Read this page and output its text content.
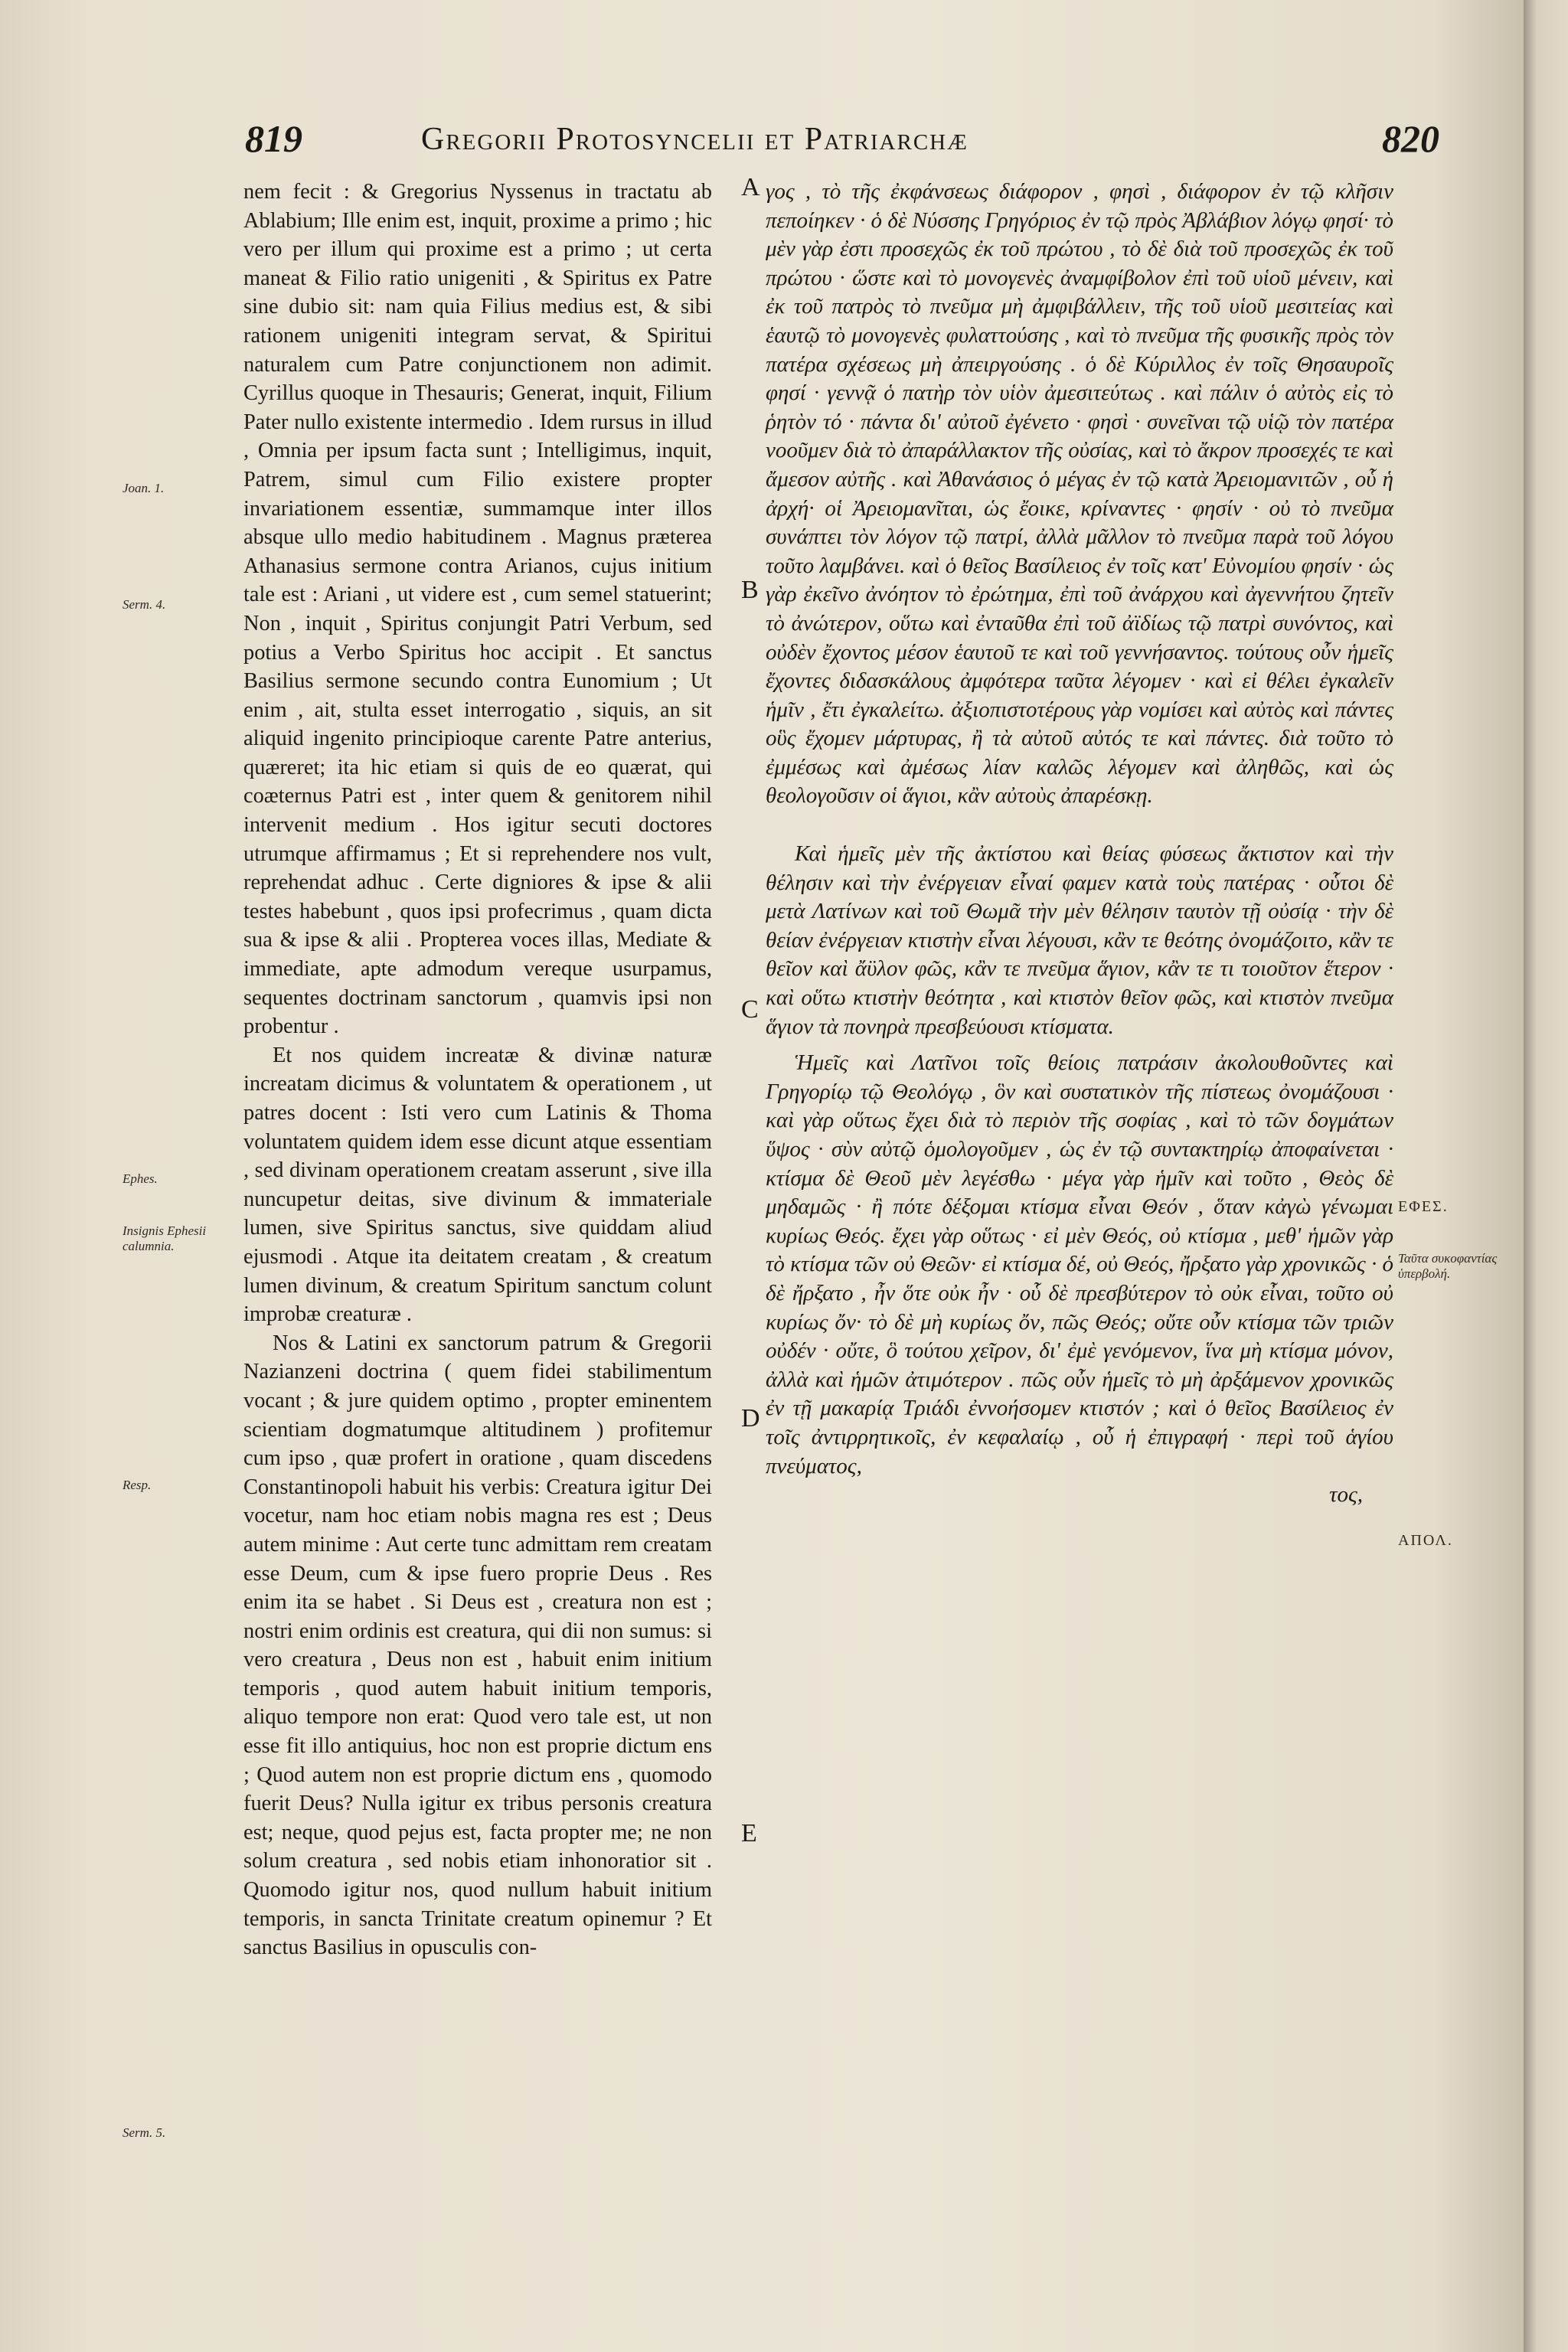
819	Gregorii Protosyncelii et Patriarchæ	820
Joan. 1.
Serm. 4.
Ephes.
Insignis Ephesii calumnia.
Resp.
Serm. 5.

nem fecit : & Gregorius Nyssenus in tractatu ab Ablabium; Ille enim est, inquit, proxime a primo ; hic vero per illum qui proxime est a primo ; ut certa maneat & Filio ratio unigeniti , & Spiritus ex Patre sine dubio sit: nam quia Filius medius est, & sibi rationem unigeniti integram servat, & Spiritui naturalem cum Patre conjunctionem non adimit. Cyrillus quoque in Thesauris; Generat, inquit, Filium Pater nullo existente intermedio . Idem rursus in illud , Omnia per ipsum facta sunt ; Intelligimus, inquit, Patrem, simul cum Filio existere propter invariationem essentiæ, summamque inter illos absque ullo medio habitudinem . Magnus præterea Athanasius sermone contra Arianos, cujus initium tale est : Ariani , ut videre est , cum semel statuerint; Non , inquit , Spiritus conjungit Patri Verbum, sed potius a Verbo Spiritus hoc accipit . Et sanctus Basilius sermone secundo contra Eunomium ; Ut enim , ait, stulta esset interrogatio , siquis, an sit aliquid ingenito principioque carente Patre anterius, quæreret; ita hic etiam si quis de eo quærat, qui coæternus Patri est , inter quem & genitorem nihil intervenit medium . Hos igitur secuti doctores utrumque affirmamus ; Et si reprehendere nos vult, reprehendat adhuc . Certe digniores & ipse & alii testes habebunt , quos ipsi profecrimus , quam dicta sua & ipse & alii . Propterea voces illas, Mediate & immediate, apte admodum vereque usurpamus, sequentes doctrinam sanctorum , quamvis ipsi non probentur .

Et nos quidem increatæ & divinæ naturæ increatam dicimus & voluntatem & operationem , ut patres docent : Isti vero cum Latinis & Thoma voluntatem quidem idem esse dicunt atque essentiam , sed divinam operationem creatam asserunt , sive illa nuncupetur deitas, sive divinum & immateriale lumen, sive Spiritus sanctus, sive quiddam aliud ejusmodi . Atque ita deitatem creatam , & creatum lumen divinum, & creatum Spiritum sanctum colunt improbæ creaturæ .

Nos & Latini ex sanctorum patrum & Gregorii Nazianzeni doctrina ( quem fidei stabilimentum vocant ; & jure quidem optimo , propter eminentem scientiam dogmatumque altitudinem ) profitemur cum ipso , quæ profert in oratione , quam discedens Constantinopoli habuit his verbis: Creatura igitur Dei vocetur, nam hoc etiam nobis magna res est ; Deus autem minime : Aut certe tunc admittam rem creatam esse Deum, cum & ipse fuero proprie Deus . Res enim ita se habet . Si Deus est , creatura non est ; nostri enim ordinis est creatura, qui dii non sumus: si vero creatura , Deus non est , habuit enim initium temporis , quod autem habuit initium temporis, aliquo tempore non erat: Quod vero tale est, ut non esse fit illo antiquius, hoc non est proprie dictum ens ; Quod autem non est proprie dictum ens , quomodo fuerit Deus? Nulla igitur ex tribus personis creatura est; neque, quod pejus est, facta propter me; ne non solum creatura , sed nobis etiam inhonoratior sit . Quomodo igitur nos, quod nullum habuit initium temporis, in sancta Trinitate creatum opinemur ? Et sanctus Basilius in opusculis con-

A
B
C
D
E

γος , τὸ τῆς ἐκφάνσεως διάφορον , φησὶ , διάφορον ἐν τῷ κλῆσιν πεποίηκεν · ὁ δὲ Νύσσης Γρηγόριος ἐν τῷ πρὸς Ἀβλάβιον λόγῳ φησί· τὸ μὲν γὰρ ἐστι προσεχῶς ἐκ τοῦ πρώτου , τὸ δὲ διὰ τοῦ προσεχῶς ἐκ τοῦ πρώτου · ὥστε καὶ τὸ μονογενὲς ἀναμφίβολον ἐπὶ τοῦ υἱοῦ μένειν, καὶ ἐκ τοῦ πατρὸς τὸ πνεῦμα μὴ ἀμφιβάλλειν, τῆς τοῦ υἱοῦ μεσιτείας καὶ ἑαυτῷ τὸ μονογενὲς φυλαττούσης , καὶ τὸ πνεῦμα τῆς φυσικῆς πρὸς τὸν πατέρα σχέσεως μὴ ἀπειργούσης . ὁ δὲ Κύριλλος ἐν τοῖς Θησαυροῖς φησί · γεννᾷ ὁ πατὴρ τὸν υἱὸν ἀμεσιτεύτως . καὶ πάλιν ὁ αὐτὸς εἰς τὸ ῥητὸν τό · πάντα δι' αὐτοῦ ἐγένετο · φησὶ · συνεῖναι τῷ υἱῷ τὸν πατέρα νοοῦμεν διὰ τὸ ἀπαράλλακτον τῆς οὐσίας, καὶ τὸ ἄκρον προσεχές τε καὶ ἄμεσον αὐτῆς . καὶ Ἀθανάσιος ὁ μέγας ἐν τῷ κατὰ Ἀρειομανιτῶν , οὗ ἡ ἀρχή· οἱ Ἀρειομανῖται, ὡς ἔοικε, κρίναντες · φησίν · οὐ τὸ πνεῦμα συνάπτει τὸν λόγον τῷ πατρί, ἀλλὰ μᾶλλον τὸ πνεῦμα παρὰ τοῦ λόγου τοῦτο λαμβάνει. καὶ ὁ θεῖος Βασίλειος ἐν τοῖς κατ' Εὐνομίου φησίν · ὡς γὰρ ἐκεῖνο ἀνόητον τὸ ἐρώτημα, ἐπὶ τοῦ ἀνάρχου καὶ ἀγεννήτου ζητεῖν τὸ ἀνώτερον, οὕτω καὶ ἐνταῦθα ἐπὶ τοῦ ἀϊδίως τῷ πατρὶ συνόντος, καὶ οὐδὲν ἔχοντος μέσον ἑαυτοῦ τε καὶ τοῦ γεννήσαντος. τούτους οὖν ἡμεῖς ἔχοντες διδασκάλους ἀμφότερα ταῦτα λέγομεν · καὶ εἰ θέλει ἐγκαλεῖν ἡμῖν , ἔτι ἐγκαλείτω. ἀξιοπιστοτέρους γὰρ νομίσει καὶ αὐτὸς καὶ πάντες οὓς ἔχομεν μάρτυρας, ἢ τὰ αὐτοῦ αὐτός τε καὶ πάντες. διὰ τοῦτο τὸ ἐμμέσως καὶ ἀμέσως λίαν καλῶς λέγομεν καὶ ἀληθῶς, καὶ ὡς θεολογοῦσιν οἱ ἅγιοι, κἂν αὐτοὺς ἀπαρέσκῃ.

Καὶ ἡμεῖς μὲν τῆς ἀκτίστου καὶ θείας φύσεως ἄκτιστον καὶ τὴν θέλησιν καὶ τὴν ἐνέργειαν εἶναί φαμεν κατὰ τοὺς πατέρας · οὗτοι δὲ μετὰ Λατίνων καὶ τοῦ Θωμᾶ τὴν μὲν θέλησιν ταυτὸν τῇ οὐσίᾳ · τὴν δὲ θείαν ἐνέργειαν κτιστὴν εἶναι λέγουσι, κἂν τε θεότης ὀνομάζοιτο, κἂν τε θεῖον καὶ ἄϋλον φῶς, κἂν τε πνεῦμα ἅγιον, κἂν τε τι τοιοῦτον ἕτερον · καὶ οὕτω κτιστὴν θεότητα , καὶ κτιστὸν θεῖον φῶς, καὶ κτιστὸν πνεῦμα ἅγιον τὰ πονηρὰ πρεσβεύουσι κτίσματα.

Ἡμεῖς καὶ Λατῖνοι τοῖς θείοις πατράσιν ἀκολουθοῦντες καὶ Γρηγορίῳ τῷ Θεολόγῳ , ὃν καὶ συστατικὸν τῆς πίστεως ὀνομάζουσι · καὶ γὰρ οὕτως ἔχει διὰ τὸ περιὸν τῆς σοφίας , καὶ τὸ τῶν δογμάτων ὕψος · σὺν αὐτῷ ὁμολογοῦμεν , ὡς ἐν τῷ συντακτηρίῳ ἀποφαίνεται · κτίσμα δὲ Θεοῦ μὲν λεγέσθω · μέγα γὰρ ἡμῖν καὶ τοῦτο , Θεὸς δὲ μηδαμῶς · ἢ πότε δέξομαι κτίσμα εἶναι Θεόν , ὅταν κἀγὼ γένωμαι κυρίως Θεός. ἔχει γὰρ οὕτως · εἰ μὲν Θεός, οὐ κτίσμα , μεθ' ἡμῶν γὰρ τὸ κτίσμα τῶν οὐ Θεῶν· εἰ κτίσμα δέ, οὐ Θεός, ἤρξατο γὰρ χρονικῶς · ὁ δὲ ἤρξατο , ἦν ὅτε οὐκ ἦν · οὗ δὲ πρεσβύτερον τὸ οὐκ εἶναι, τοῦτο οὐ κυρίως ὄν· τὸ δὲ μὴ κυρίως ὄν, πῶς Θεός; οὔτε οὖν κτίσμα τῶν τριῶν οὐδέν · οὔτε, ὃ τούτου χεῖρον, δι' ἐμὲ γενόμενον, ἵνα μὴ κτίσμα μόνον, ἀλλὰ καὶ ἡμῶν ἀτιμότερον . πῶς οὖν ἡμεῖς τὸ μὴ ἀρξάμενον χρονικῶς ἐν τῇ μακαρίᾳ Τριάδι ἐννοήσομεν κτιστόν ; καὶ ὁ θεῖος Βασίλειος ἐν τοῖς ἀντιρρητικοῖς, ἐν κεφαλαίῳ , οὗ ἡ ἐπιγραφή · περὶ τοῦ ἁγίου πνεύματος,

τος,

ΕΦΕΣ.
Ταῦτα συκοφαντίας ὑπερβολή.
ΑΠΟΛ.
